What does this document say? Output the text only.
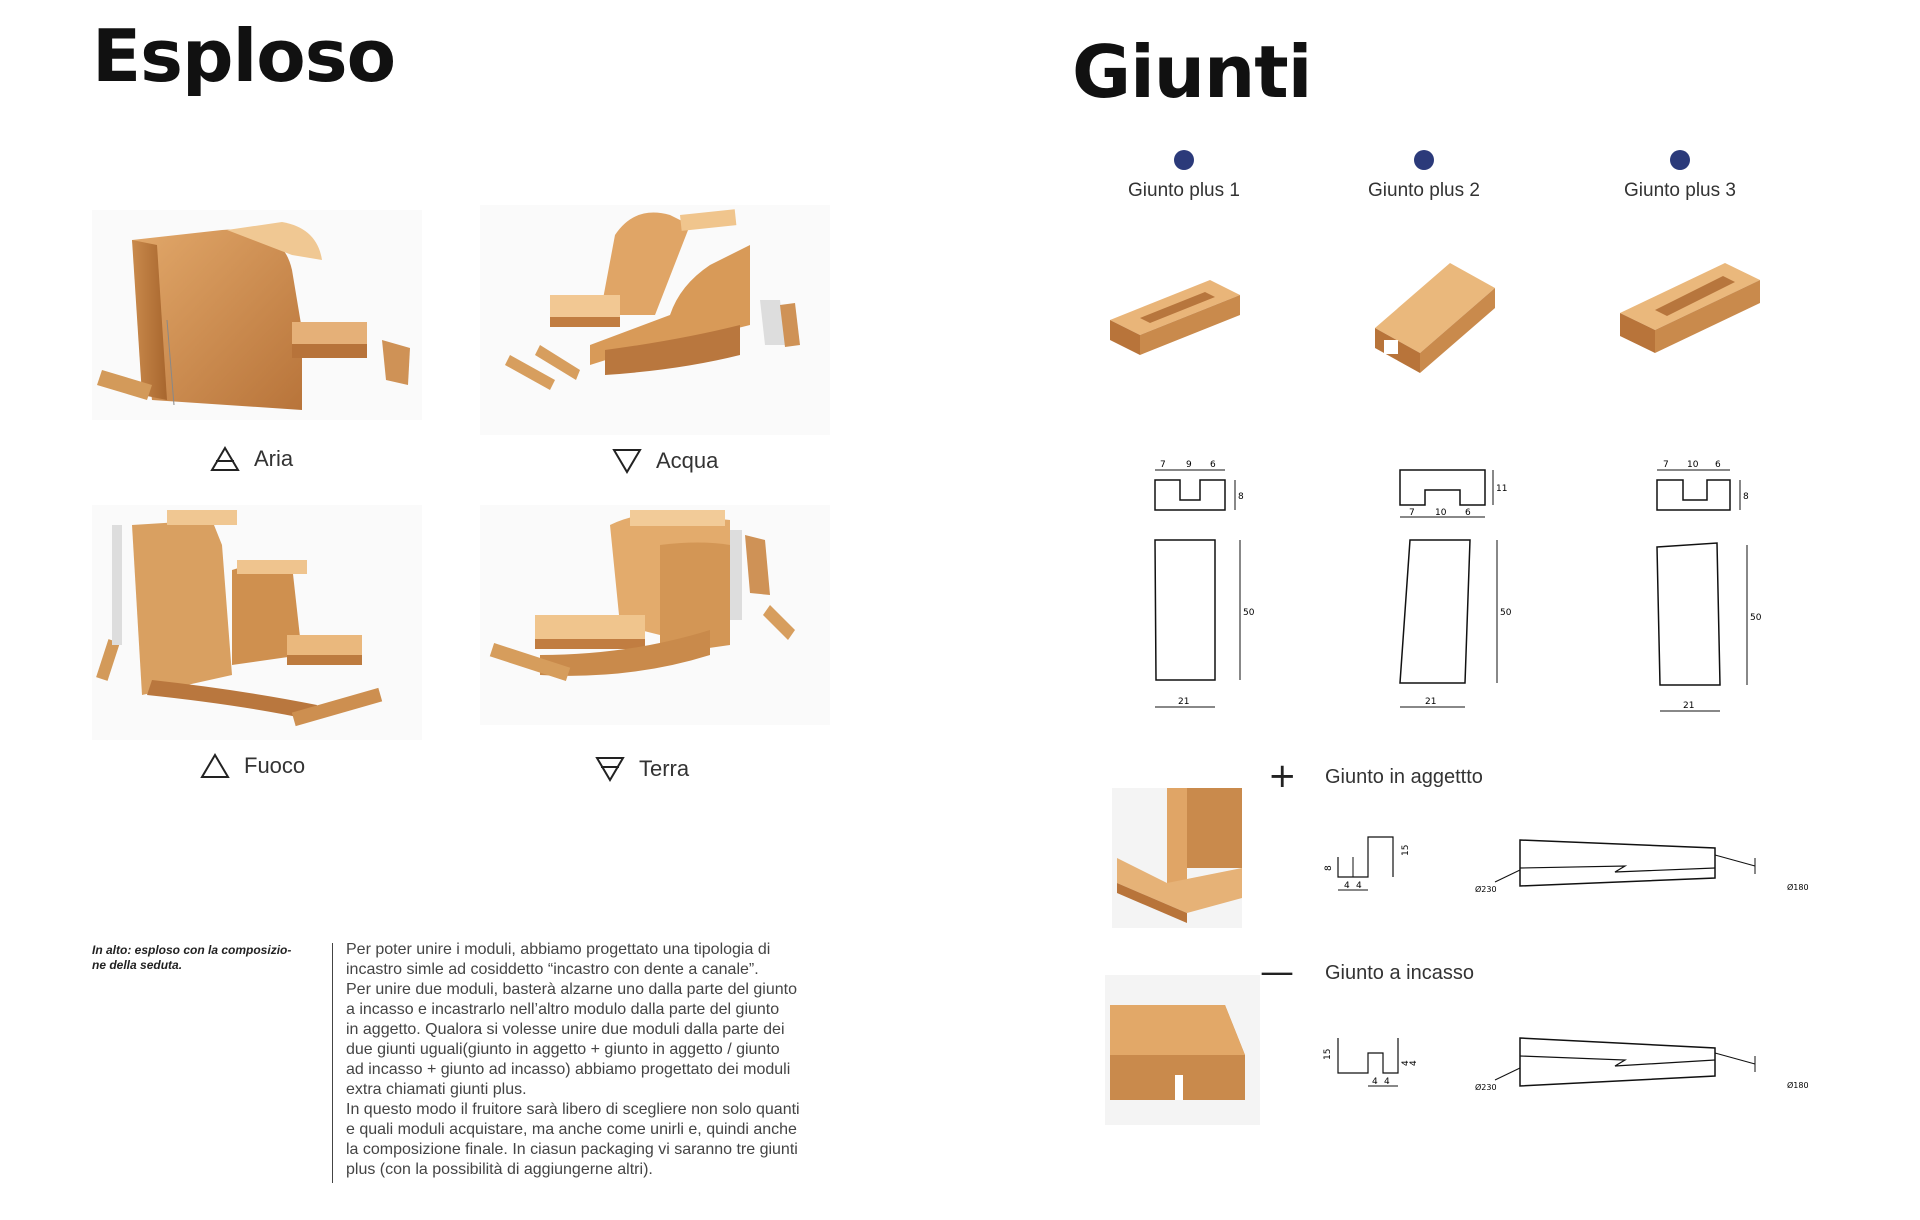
Esploso
Aria	Acqua
Fuoco	Terra
In alto: esploso con la composizio-
ne della seduta.
Per poter unire i moduli, abbiamo progettato una tipologia di
incastro simle ad cosiddetto “incastro con dente a canale”.
Per unire due moduli, basterà alzarne uno dalla parte del giunto
a incasso e incastrarlo nell’altro modulo dalla parte del giunto
in aggetto. Qualora si volesse unire due moduli dalla parte dei
due giunti uguali(giunto in aggetto + giunto in aggetto / giunto
ad incasso + giunto ad incasso) abbiamo progettato dei moduli
extra chiamati giunti plus.
In questo modo il fruitore sarà libero di scegliere non solo quanti
e quali moduli acquistare, ma anche come unirli e, quindi anche
la composizione finale. In ciasun packaging vi saranno tre giunti
plus (con la possibilità di aggiungerne altri).
Giunti
Giunto plus 1	Giunto plus 2	Giunto plus 3
7 9 6
8
50
21
11
7 10 6
50
21
7 10 6
8
50
21
+ Giunto in aggettto
8
15
4 4	Ø230	Ø180
— Giunto a incasso
15
4
4
4 4
Ø230	Ø180
